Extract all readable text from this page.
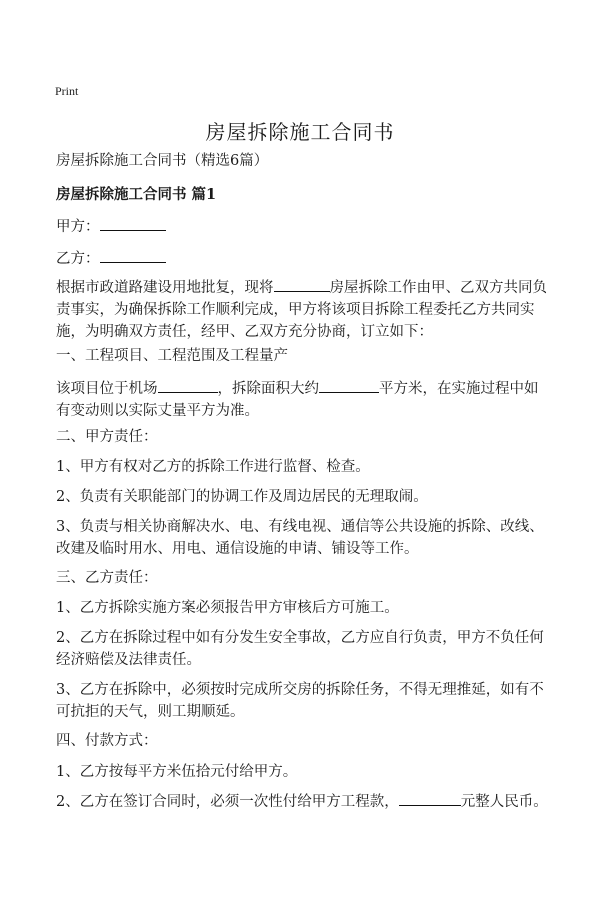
Print
房屋拆除施工合同书
房屋拆除施工合同书（精选6篇）
房屋拆除施工合同书 篇1
甲方：
乙方：
根据市政道路建设用地批复，现将	房屋拆除工作由甲、乙双方共同负责事实，为确保拆除工作顺利完成，甲方将该项目拆除工程委托乙方共同实施，为明确双方责任，经甲、乙双方充分协商，订立如下：
一、工程项目、工程范围及工程量产
该项目位于机场	，拆除面积大约	平方米，在实施过程中如有变动则以实际丈量平方为准。
二、甲方责任：
1、甲方有权对乙方的拆除工作进行监督、检查。
2、负责有关职能部门的协调工作及周边居民的无理取闹。
3、负责与相关协商解决水、电、有线电视、通信等公共设施的拆除、改线、改建及临时用水、用电、通信设施的申请、铺设等工作。
三、乙方责任：
1、乙方拆除实施方案必须报告甲方审核后方可施工。
2、乙方在拆除过程中如有分发生安全事故，乙方应自行负责，甲方不负任何经济赔偿及法律责任。
3、乙方在拆除中，必须按时完成所交房的拆除任务，不得无理推延，如有不可抗拒的天气，则工期顺延。
四、付款方式：
1、乙方按每平方米伍拾元付给甲方。
2、乙方在签订合同时，必须一次性付给甲方工程款，	元整人民币。
